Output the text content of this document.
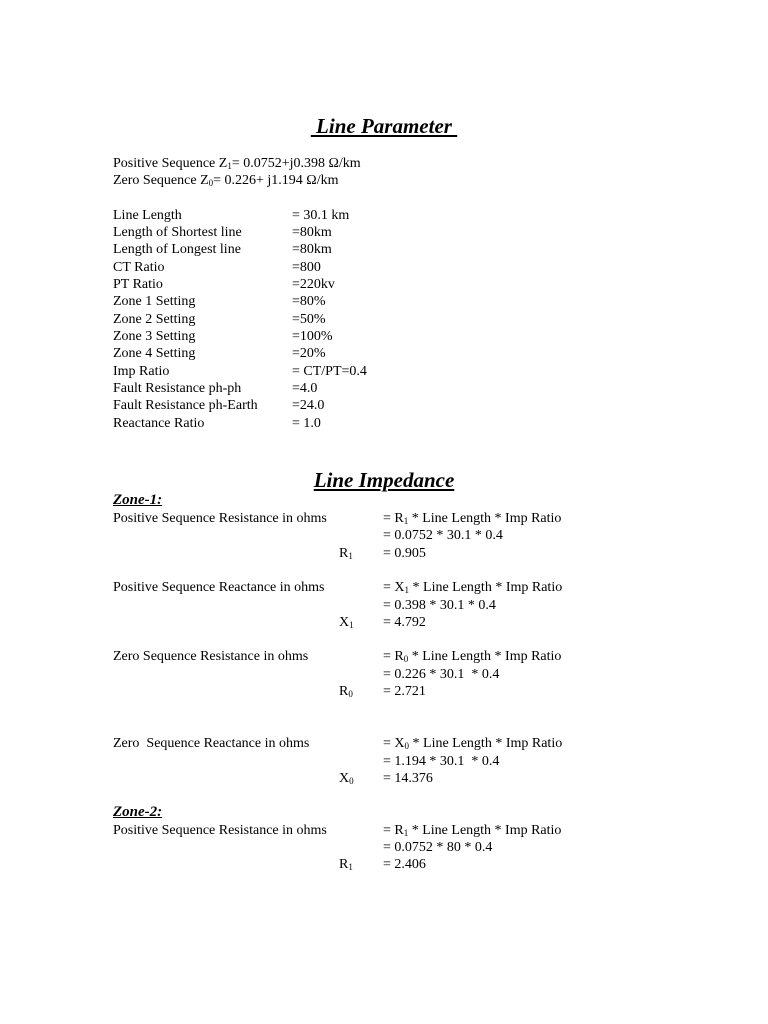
Line Parameter
Positive Sequence $Z_1= 0.0752+j0.398$ Ω/km
Zero Sequence $Z_0= 0.226+ j1.194$ Ω/km
Line Length	= 30.1 km
Length of Shortest line	=80km
Length of Longest line	=80km
CT Ratio	=800
PT Ratio	=220kv
Zone 1 Setting	=80%
Zone 2 Setting	=50%
Zone 3 Setting	=100%
Zone 4 Setting	=20%
Imp Ratio	= CT/PT=0.4
Fault Resistance ph-ph	=4.0
Fault Resistance ph-Earth =24.0
Reactance Ratio	= 1.0
Line Impedance
Zone-1:
Positive Sequence Resistance in ohms	= $R_1$ * Line Length * Imp Ratio
= 0.0752 * 30.1 * 0.4
$R_1 = 0.905$
Positive Sequence Reactance in ohms	= $X_1$ * Line Length * Imp Ratio
= 0.398 * 30.1 * 0.4
$X_1 = 4.792$
Zero Sequence Resistance in ohms	= $R_0$ * Line Length * Imp Ratio
= 0.226 * 30.1  * 0.4
$R_0 = 2.721$
Zero  Sequence Reactance in ohms	= $X_0$ * Line Length * Imp Ratio
= 1.194 * 30.1  * 0.4
$X_0 = 14.376$
Zone-2:
Positive Sequence Resistance in ohms	= $R_1$ * Line Length * Imp Ratio
= 0.0752 * 80 * 0.4
$R_1 = 2.406$
